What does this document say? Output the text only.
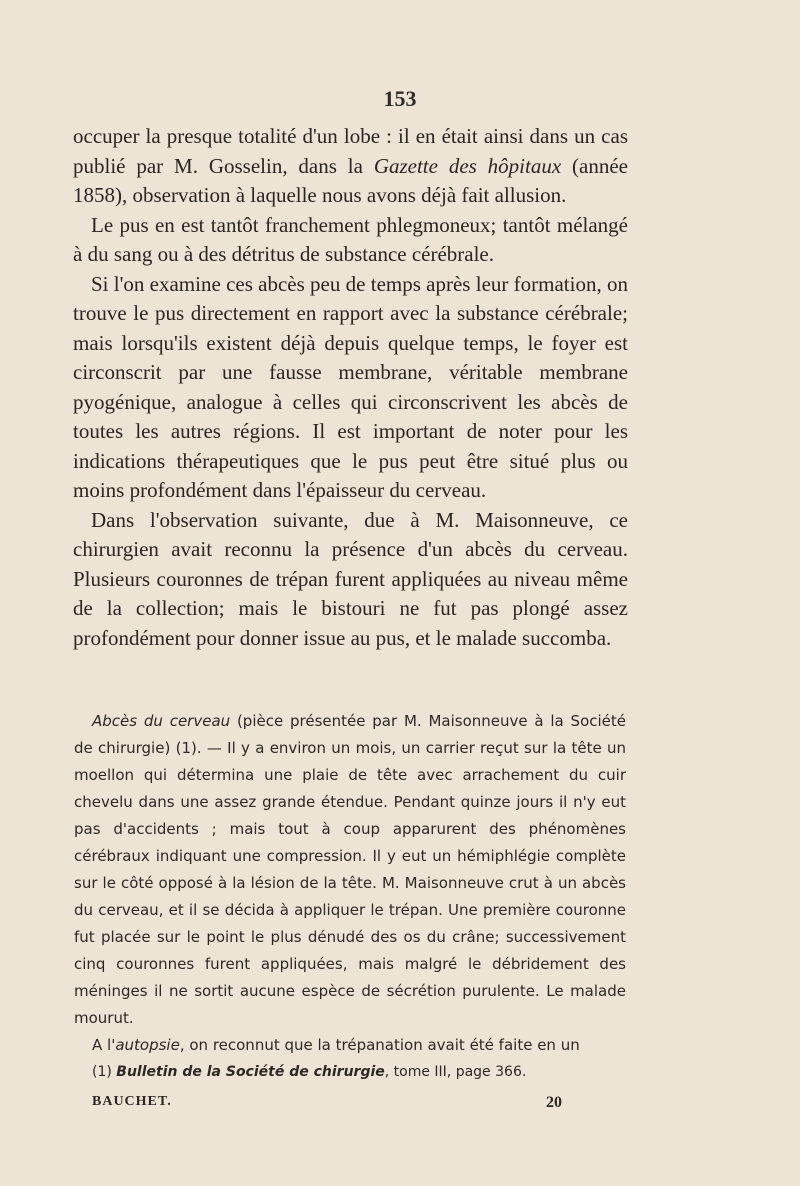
153

occuper la presque totalité d'un lobe : il en était ainsi dans un cas publié par M. Gosselin, dans la Gazette des hôpitaux (année 1858), observation à laquelle nous avons déjà fait allusion.

Le pus en est tantôt franchement phlegmoneux; tantôt mélangé à du sang ou à des détritus de substance cérébrale.

Si l'on examine ces abcès peu de temps après leur formation, on trouve le pus directement en rapport avec la substance cérébrale; mais lorsqu'ils existent déjà depuis quelque temps, le foyer est circonscrit par une fausse membrane, véritable membrane pyogénique, analogue à celles qui circonscrivent les abcès de toutes les autres régions. Il est important de noter pour les indications thérapeutiques que le pus peut être situé plus ou moins profondément dans l'épaisseur du cerveau.

Dans l'observation suivante, due à M. Maisonneuve, ce chirurgien avait reconnu la présence d'un abcès du cerveau. Plusieurs couronnes de trépan furent appliquées au niveau même de la collection; mais le bistouri ne fut pas plongé assez profondément pour donner issue au pus, et le malade succomba.

Abcès du cerveau (pièce présentée par M. Maisonneuve à la Société de chirurgie) (1). — Il y a environ un mois, un carrier reçut sur la tête un moellon qui détermina une plaie de tête avec arrachement du cuir chevelu dans une assez grande étendue. Pendant quinze jours il n'y eut pas d'accidents ; mais tout à coup apparurent des phénomènes cérébraux indiquant une compression. Il y eut un hémiphlégie complète sur le côté opposé à la lésion de la tête. M. Maisonneuve crut à un abcès du cerveau, et il se décida à appliquer le trépan. Une première couronne fut placée sur le point le plus dénudé des os du crâne; successivement cinq couronnes furent appliquées, mais malgré le débridement des méninges il ne sortit aucune espèce de sécrétion purulente. Le malade mourut.

A l'autopsie, on reconnut que la trépanation avait été faite en un

(1) Bulletin de la Société de chirurgie, tome III, page 366.
BAUCHET.	20
